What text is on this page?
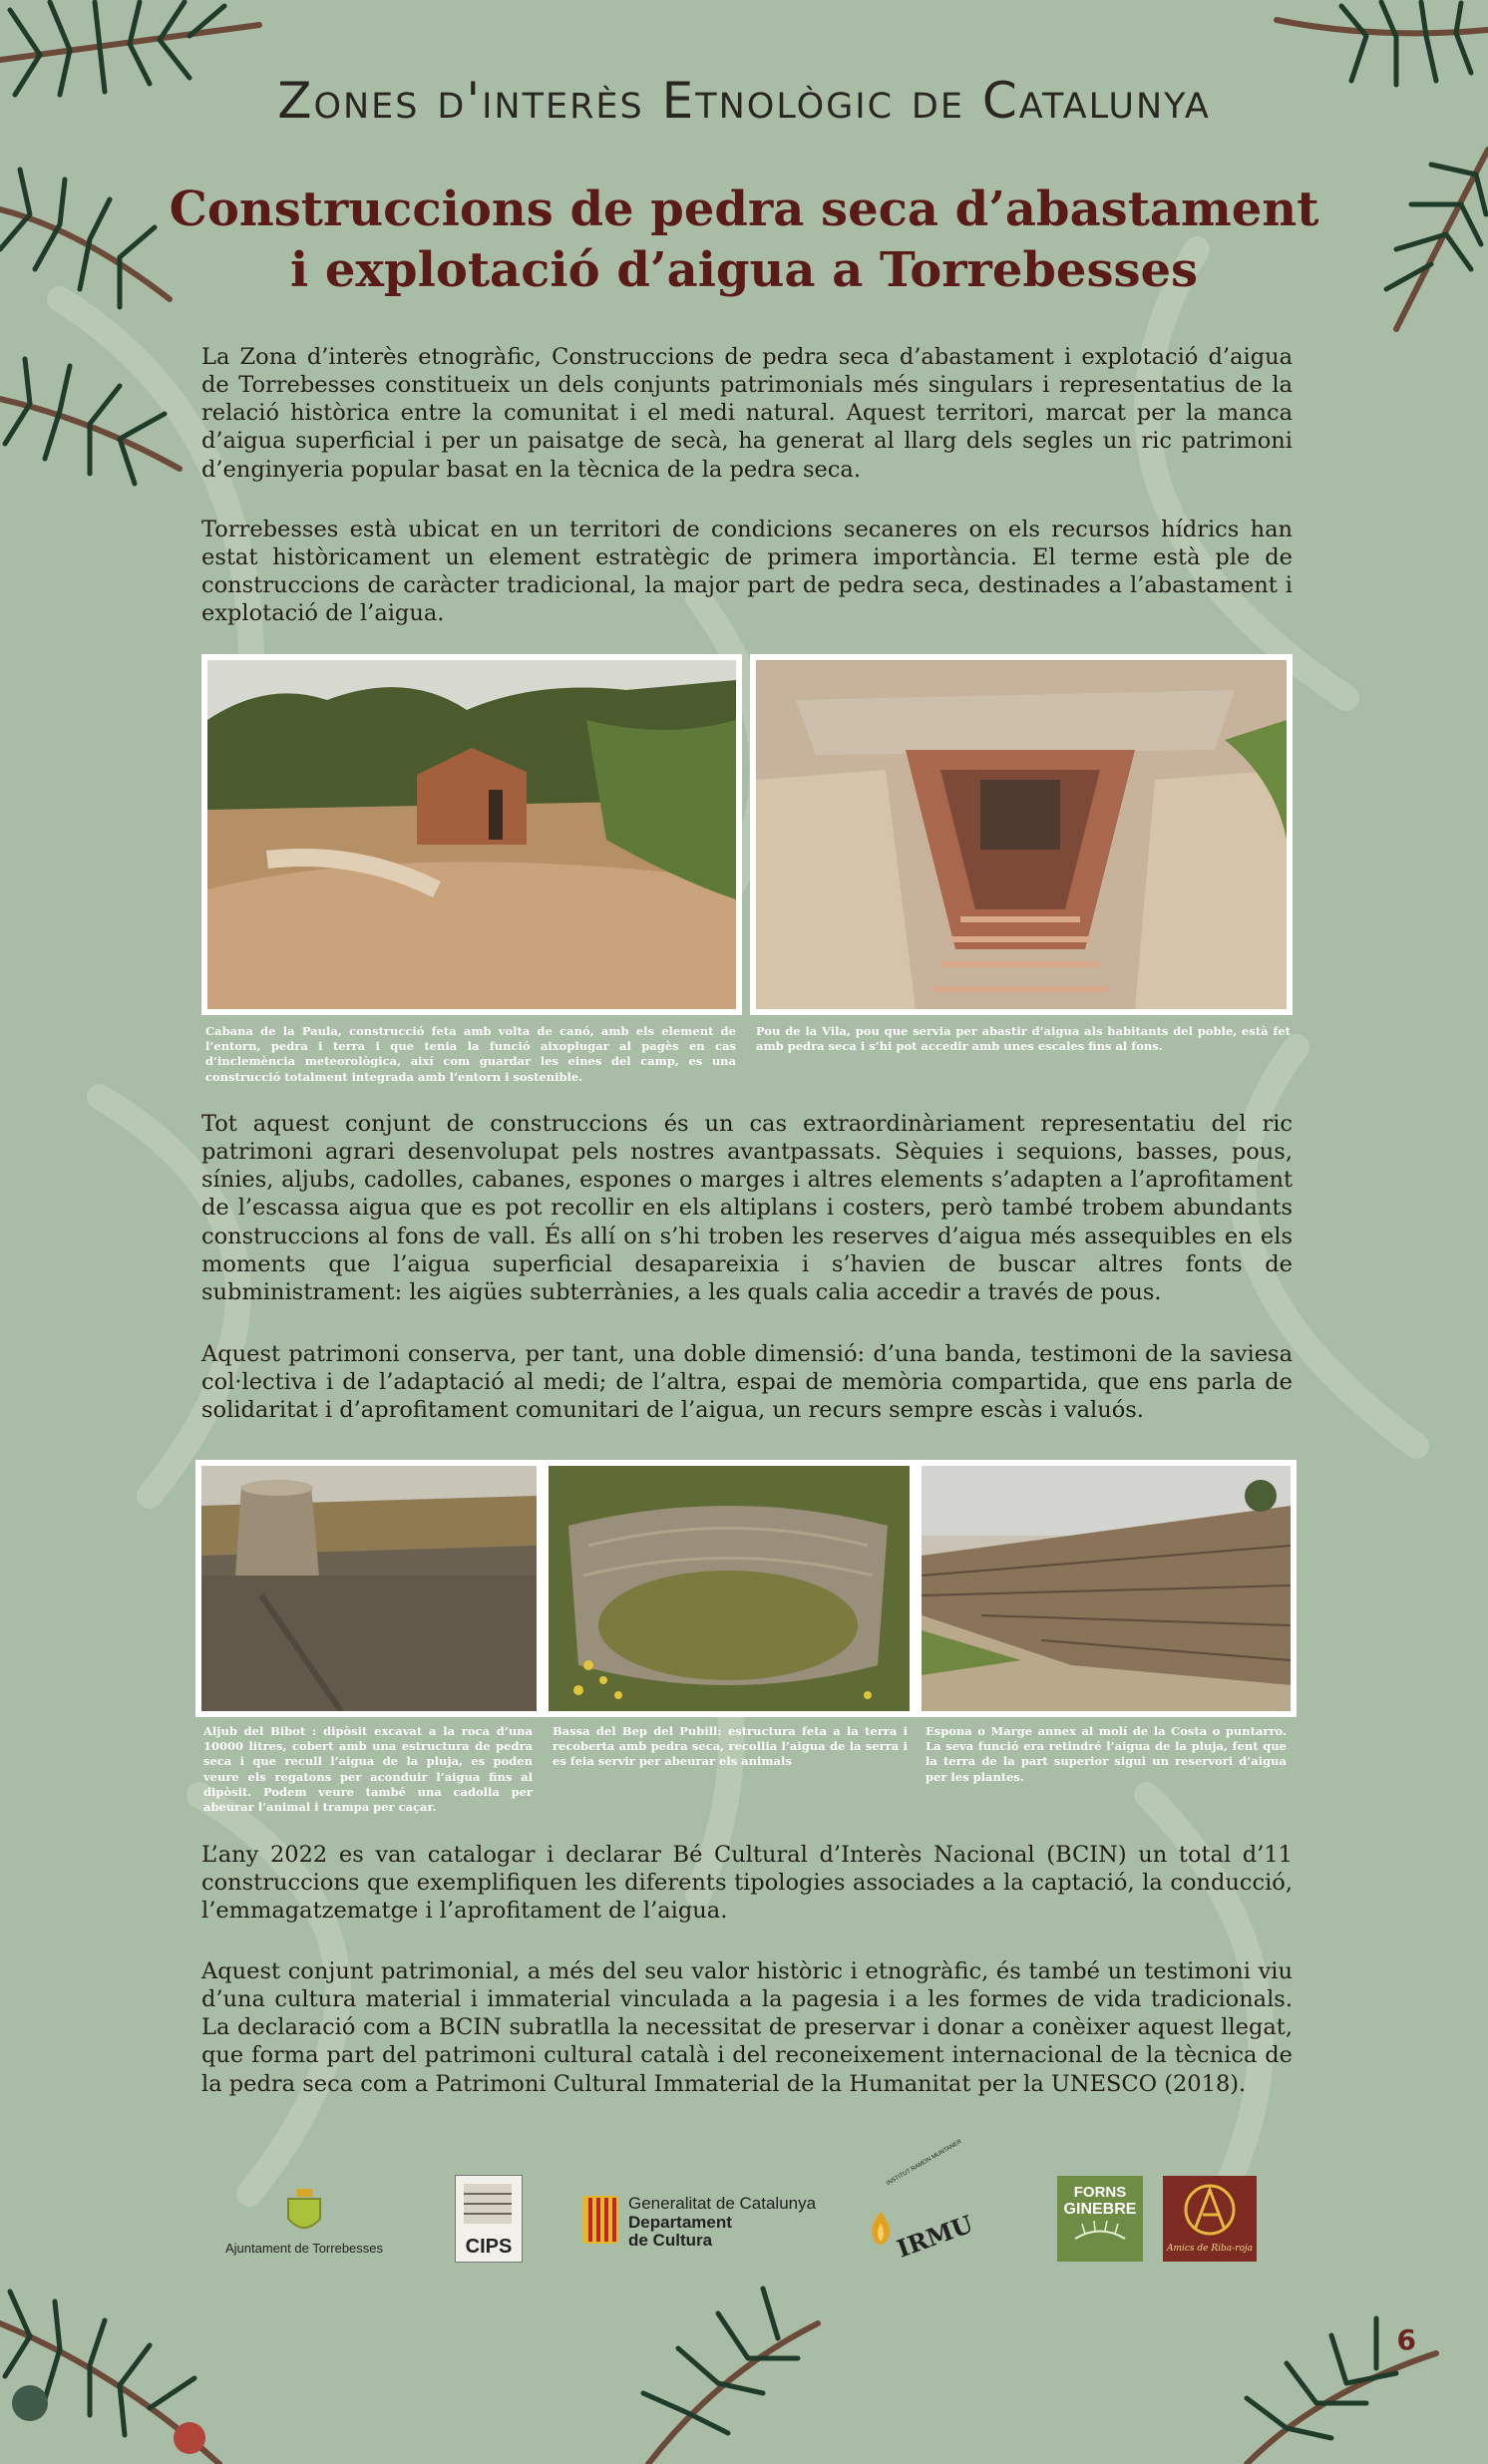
Zones d'interès Etnològic de Catalunya
Construccions de pedra seca d’abastament
i explotació d’aigua a Torrebesses

La Zona d’interès etnogràfic, Construccions de pedra seca d’abastament i explotació d’aigua de Torrebesses constitueix un dels conjunts patrimonials més singulars i representatius de la relació històrica entre la comunitat i el medi natural. Aquest territori, marcat per la manca d’aigua superficial i per un paisatge de secà, ha generat al llarg dels segles un ric patrimoni d’enginyeria popular basat en la tècnica de la pedra seca.

Torrebesses està ubicat en un territori de condicions secaneres on els recursos hídrics han estat històricament un element estratègic de primera importància. El terme està ple de construccions de caràcter tradicional, la major part de pedra seca, destinades a l’abastament i explotació de l’aigua.

Cabana de la Paula, construcció feta amb volta de canó, amb els element de l’entorn, pedra i terra i que tenia la funció aixoplugar al pagès en cas d’inclemència meteorològica, així com guardar les eines del camp, es una construcció totalment integrada amb l’entorn i sostenible.

Pou de la Vila, pou que servia per abastir d’aigua als habitants del poble, està fet amb pedra seca i s’hi pot accedir amb unes escales fins al fons.

Tot aquest conjunt de construccions és un cas extraordinàriament representatiu del ric patrimoni agrari desenvolupat pels nostres avantpassats. Sèquies i sequions, basses, pous, sínies, aljubs, cadolles, cabanes, espones o marges i altres elements s’adapten a l’aprofitament de l’escassa aigua que es pot recollir en els altiplans i costers, però també trobem abundants construccions al fons de vall. És allí on s’hi troben les reserves d’aigua més assequibles en els moments que l’aigua superficial desapareixia i s’havien de buscar altres fonts de subministrament: les aigües subterrànies, a les quals calia accedir a través de pous.

Aquest patrimoni conserva, per tant, una doble dimensió: d’una banda, testimoni de la saviesa col·lectiva i de l’adaptació al medi; de l’altra, espai de memòria compartida, que ens parla de solidaritat i d’aprofitament comunitari de l’aigua, un recurs sempre escàs i valuós.

Aljub del Bibot : dipòsit excavat a la roca d’una 10000 litres, cobert amb una estructura de pedra seca i que recull l’aigua de la pluja, es poden veure els regatons per aconduir l’aigua fins al dipòsit. Podem veure també una cadolla per abeurar l’animal i trampa per caçar.

Bassa del Bep del Pubill: estructura feta a la terra i recoberta amb pedra seca, recollia l’aigua de la serra i es feia servir per abeurar els animals

Espona o Marge annex al molí de la Costa o puntarro. La seva funció era retindré l’aigua de la pluja, fent que la terra de la part superior sigui un reservori d’aigua per les plantes.

L’any 2022 es van catalogar i declarar Bé Cultural d’Interès Nacional (BCIN) un total d’11 construccions que exemplifiquen les diferents tipologies associades a la captació, la conducció, l’emmagatzematge i l’aprofitament de l’aigua.

Aquest conjunt patrimonial, a més del seu valor històric i etnogràfic, és també un testimoni viu d’una cultura material i immaterial vinculada a la pagesia i a les formes de vida tradicionals. La declaració com a BCIN subratlla la necessitat de preservar i donar a conèixer aquest llegat, que forma part del patrimoni cultural català i del reconeixement internacional de la tècnica de la pedra seca com a Patrimoni Cultural Immaterial de la Humanitat per la UNESCO (2018).

Ajuntament de Torrebesses	CIPS
Generalitat de Catalunya
Departament
de Cultura
INSTITUT RAMON MUNTANER
IRMU
FORNS
GINEBRE
Amics de Riba-roja
6
